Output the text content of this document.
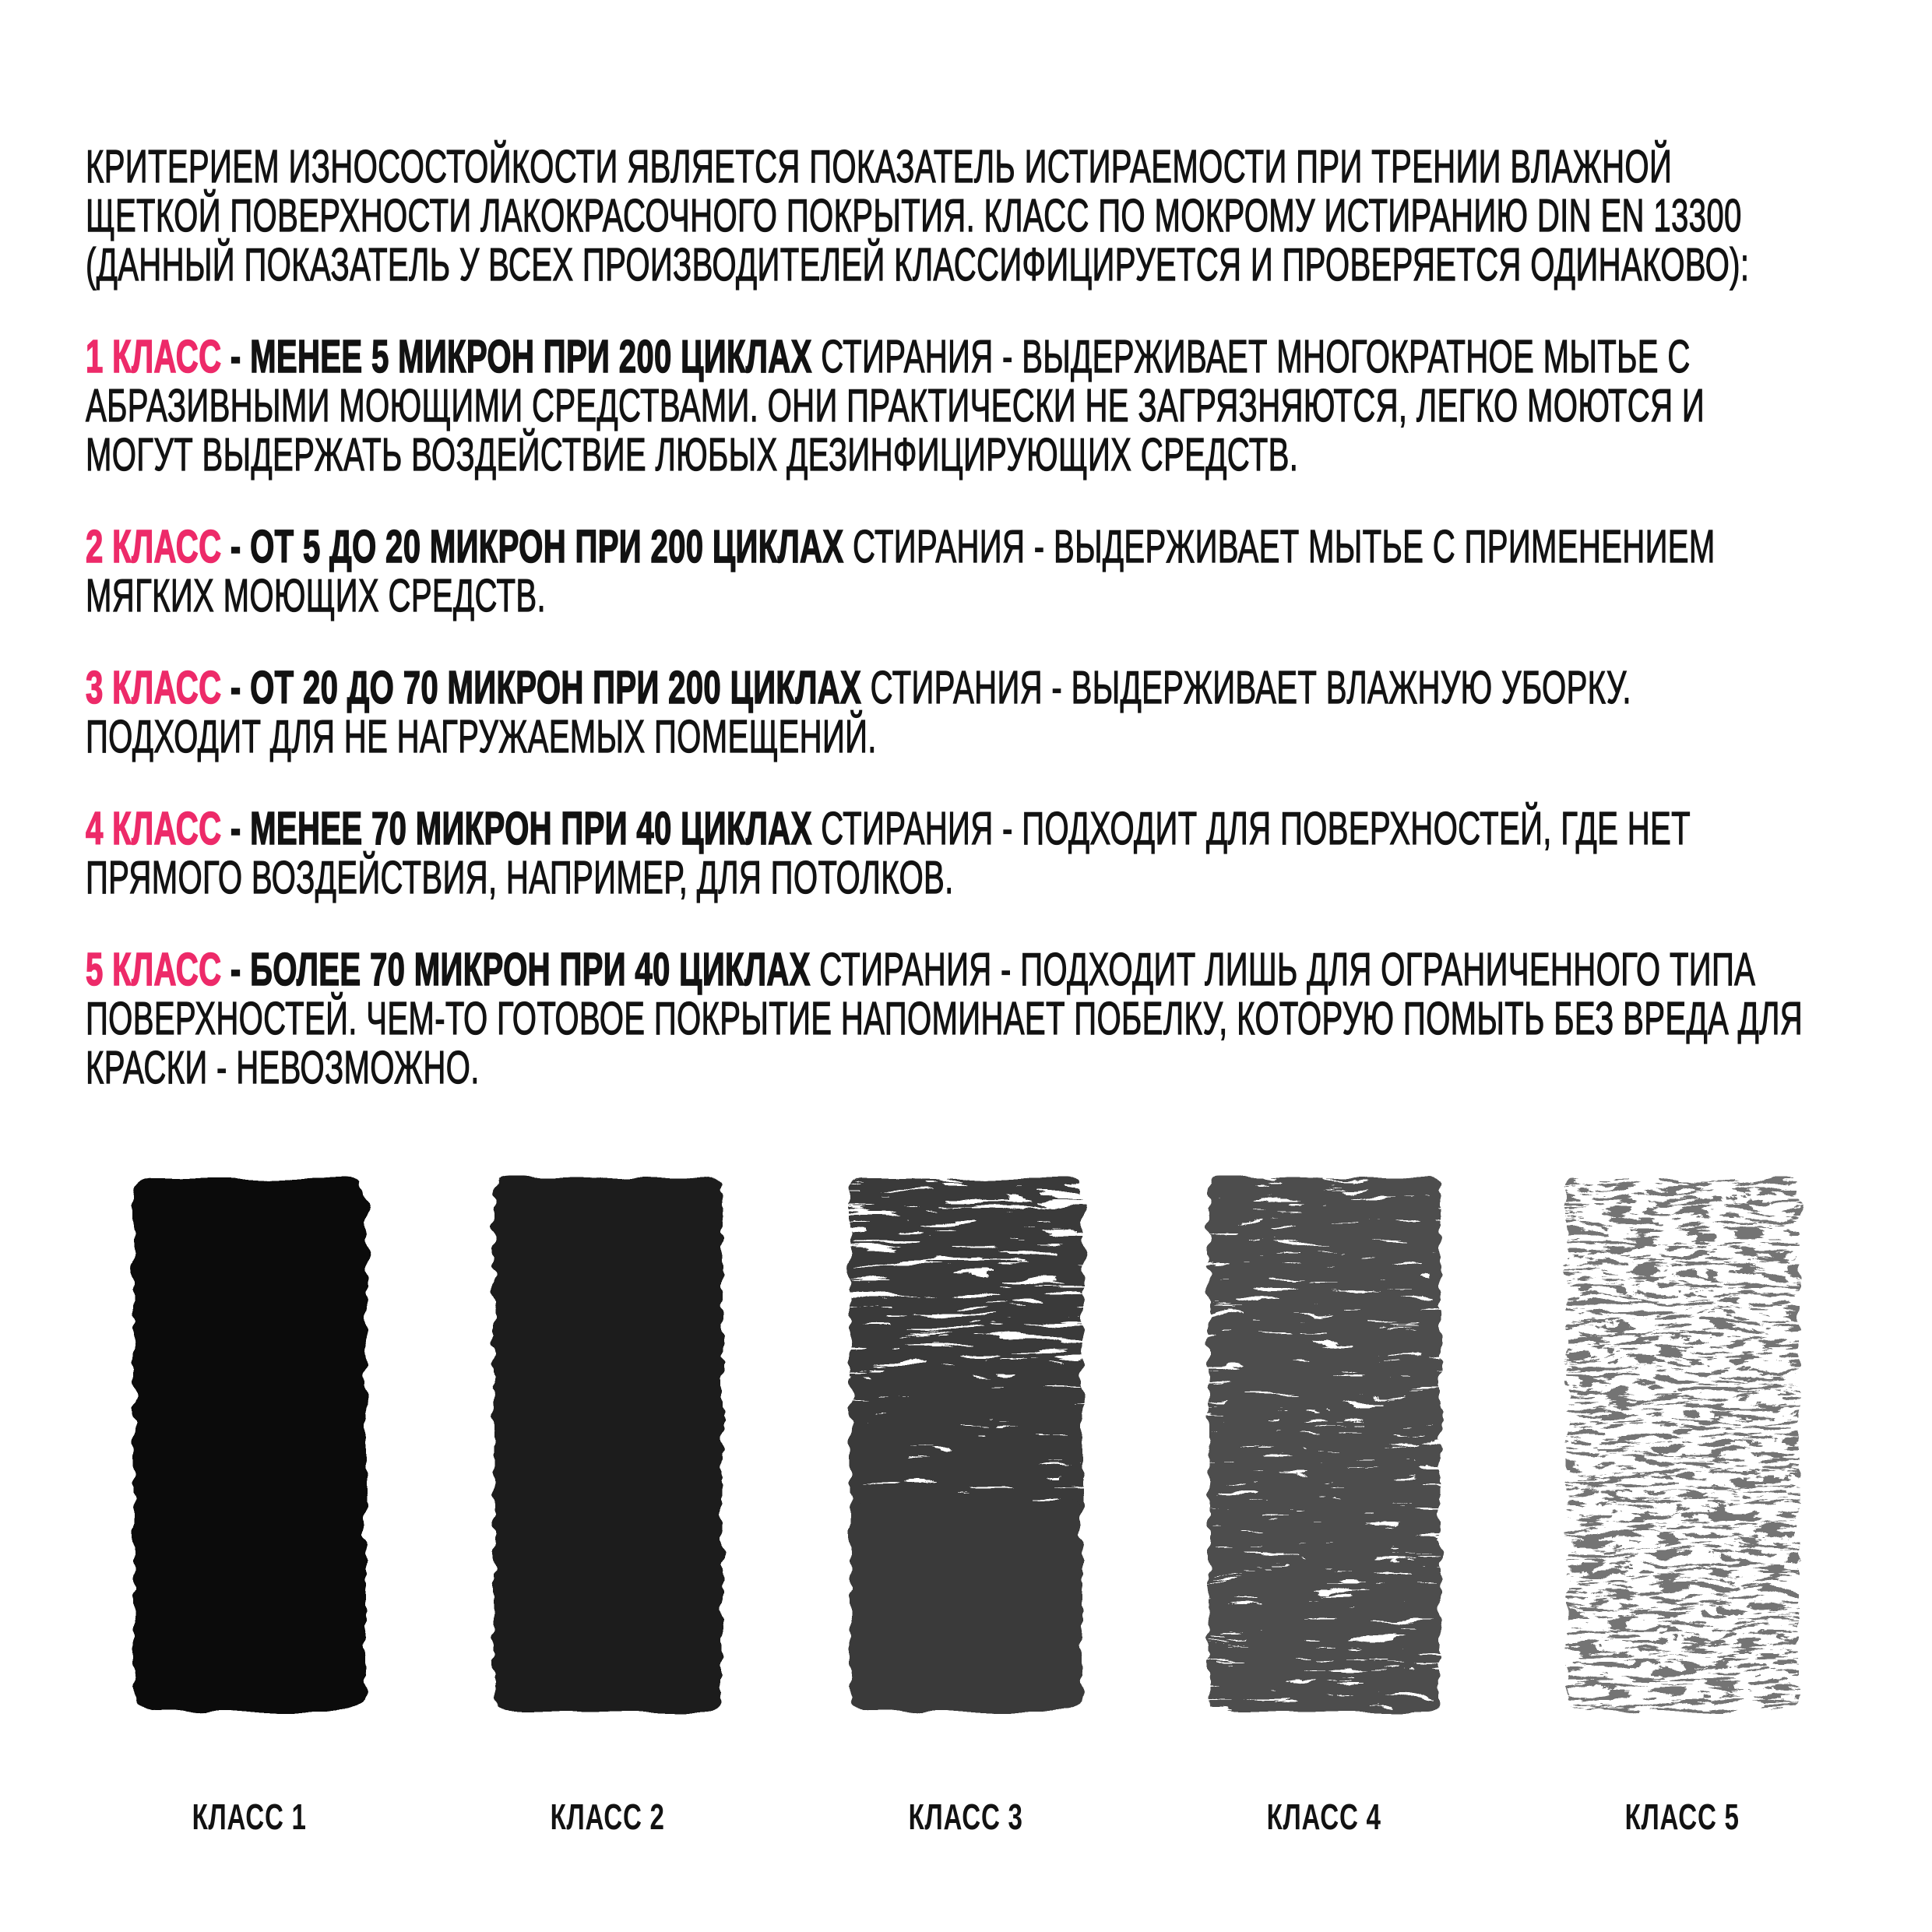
КРИТЕРИЕМ ИЗНОСОСТОЙКОСТИ ЯВЛЯЕТСЯ ПОКАЗАТЕЛЬ ИСТИРАЕМОСТИ ПРИ ТРЕНИИ ВЛАЖНОЙ ЩЕТКОЙ ПОВЕРХНОСТИ ЛАКОКРАСОЧНОГО ПОКРЫТИЯ. КЛАСС ПО МОКРОМУ ИСТИРАНИЮ DIN EN 13300
(ДАННЫЙ ПОКАЗАТЕЛЬ У ВСЕХ ПРОИЗВОДИТЕЛЕЙ КЛАССИФИЦИРУЕТСЯ И ПРОВЕРЯЕТСЯ ОДИНАКОВО):

1 КЛАСС - МЕНЕЕ 5 МИКРОН ПРИ 200 ЦИКЛАХ СТИРАНИЯ - ВЫДЕРЖИВАЕТ МНОГОКРАТНОЕ МЫТЬЕ С АБРАЗИВНЫМИ МОЮЩИМИ СРЕДСТВАМИ. ОНИ ПРАКТИЧЕСКИ НЕ ЗАГРЯЗНЯЮТСЯ, ЛЕГКО МОЮТСЯ И МОГУТ ВЫДЕРЖАТЬ ВОЗДЕЙСТВИЕ ЛЮБЫХ ДЕЗИНФИЦИРУЮЩИХ СРЕДСТВ.

2 КЛАСС - ОТ 5 ДО 20 МИКРОН ПРИ 200 ЦИКЛАХ СТИРАНИЯ - ВЫДЕРЖИВАЕТ МЫТЬЕ С ПРИМЕНЕНИЕМ МЯГКИХ МОЮЩИХ СРЕДСТВ.

3 КЛАСС - ОТ 20 ДО 70 МИКРОН ПРИ 200 ЦИКЛАХ СТИРАНИЯ - ВЫДЕРЖИВАЕТ ВЛАЖНУЮ УБОРКУ. ПОДХОДИТ ДЛЯ НЕ НАГРУЖАЕМЫХ ПОМЕЩЕНИЙ.

4 КЛАСС - МЕНЕЕ 70 МИКРОН ПРИ 40 ЦИКЛАХ СТИРАНИЯ - ПОДХОДИТ ДЛЯ ПОВЕРХНОСТЕЙ, ГДЕ НЕТ ПРЯМОГО ВОЗДЕЙСТВИЯ, НАПРИМЕР, ДЛЯ ПОТОЛКОВ.

5 КЛАСС - БОЛЕЕ 70 МИКРОН ПРИ 40 ЦИКЛАХ СТИРАНИЯ - ПОДХОДИТ ЛИШЬ ДЛЯ ОГРАНИЧЕННОГО ТИПА ПОВЕРХНОСТЕЙ. ЧЕМ-ТО ГОТОВОЕ ПОКРЫТИЕ НАПОМИНАЕТ ПОБЕЛКУ, КОТОРУЮ ПОМЫТЬ БЕЗ ВРЕДА ДЛЯ КРАСКИ - НЕВОЗМОЖНО.

КЛАСС 1	КЛАСС 2	КЛАСС 3	КЛАСС 4	КЛАСС 5
